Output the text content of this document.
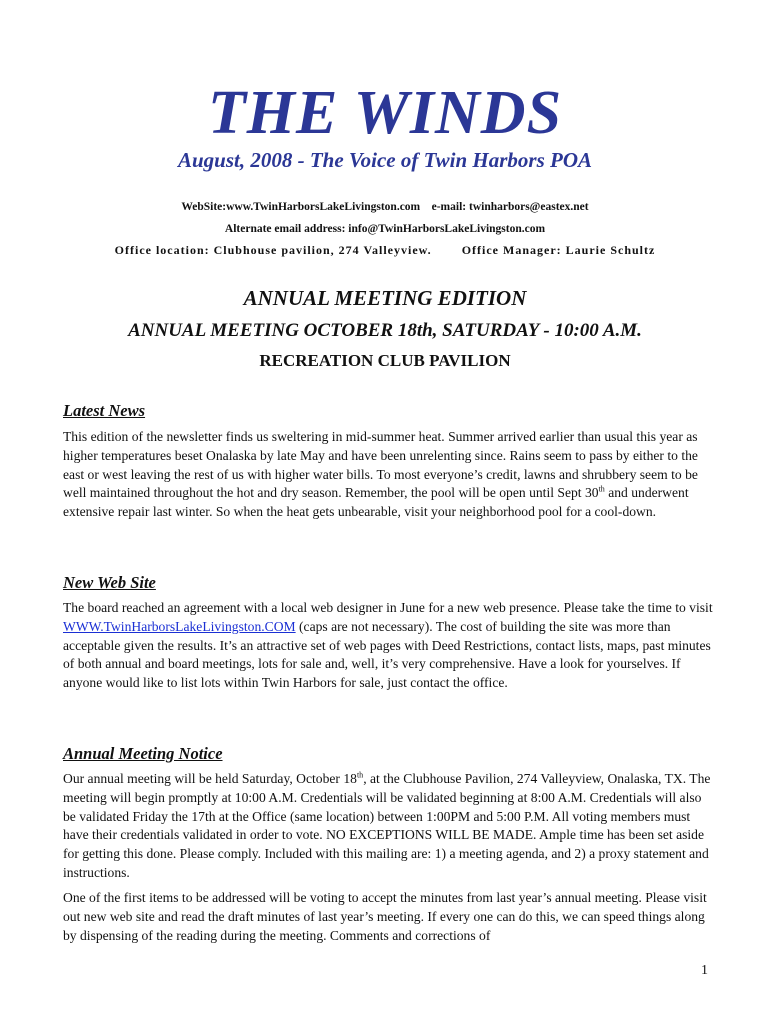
THE WINDS
August, 2008 - The Voice of Twin Harbors POA
WebSite:www.TwinHarborsLakeLivingston.com e-mail: twinharbors@eastex.net
Alternate email address: info@TwinHarborsLakeLivingston.com
Office location: Clubhouse pavilion, 274 Valleyview.	Office Manager: Laurie Schultz
ANNUAL MEETING EDITION
ANNUAL MEETING OCTOBER 18th, SATURDAY - 10:00 A.M.
RECREATION CLUB PAVILION
Latest News
This edition of the newsletter finds us sweltering in mid-summer heat. Summer arrived earlier than usual this year as higher temperatures beset Onalaska by late May and have been unrelenting since. Rains seem to pass by either to the east or west leaving the rest of us with higher water bills. To most everyone’s credit, lawns and shrubbery seem to be well maintained throughout the hot and dry season. Remember, the pool will be open until Sept 30th and underwent extensive repair last winter. So when the heat gets unbearable, visit your neighborhood pool for a cool-down.
New Web Site
The board reached an agreement with a local web designer in June for a new web presence. Please take the time to visit WWW.TwinHarborsLakeLivingston.COM (caps are not necessary). The cost of building the site was more than acceptable given the results. It’s an attractive set of web pages with Deed Restrictions, contact lists, maps, past minutes of both annual and board meetings, lots for sale and, well, it’s very comprehensive. Have a look for yourselves. If anyone would like to list lots within Twin Harbors for sale, just contact the office.
Annual Meeting Notice
Our annual meeting will be held Saturday, October 18th, at the Clubhouse Pavilion, 274 Valleyview, Onalaska, TX. The meeting will begin promptly at 10:00 A.M. Credentials will be validated beginning at 8:00 A.M. Credentials will also be validated Friday the 17th at the Office (same location) between 1:00PM and 5:00 P.M. All voting members must have their credentials validated in order to vote. NO EXCEPTIONS WILL BE MADE. Ample time has been set aside for getting this done. Please comply. Included with this mailing are: 1) a meeting agenda, and 2) a proxy statement and instructions.
One of the first items to be addressed will be voting to accept the minutes from last year’s annual meeting. Please visit out new web site and read the draft minutes of last year’s meeting. If every one can do this, we can speed things along by dispensing of the reading during the meeting. Comments and corrections of
1
